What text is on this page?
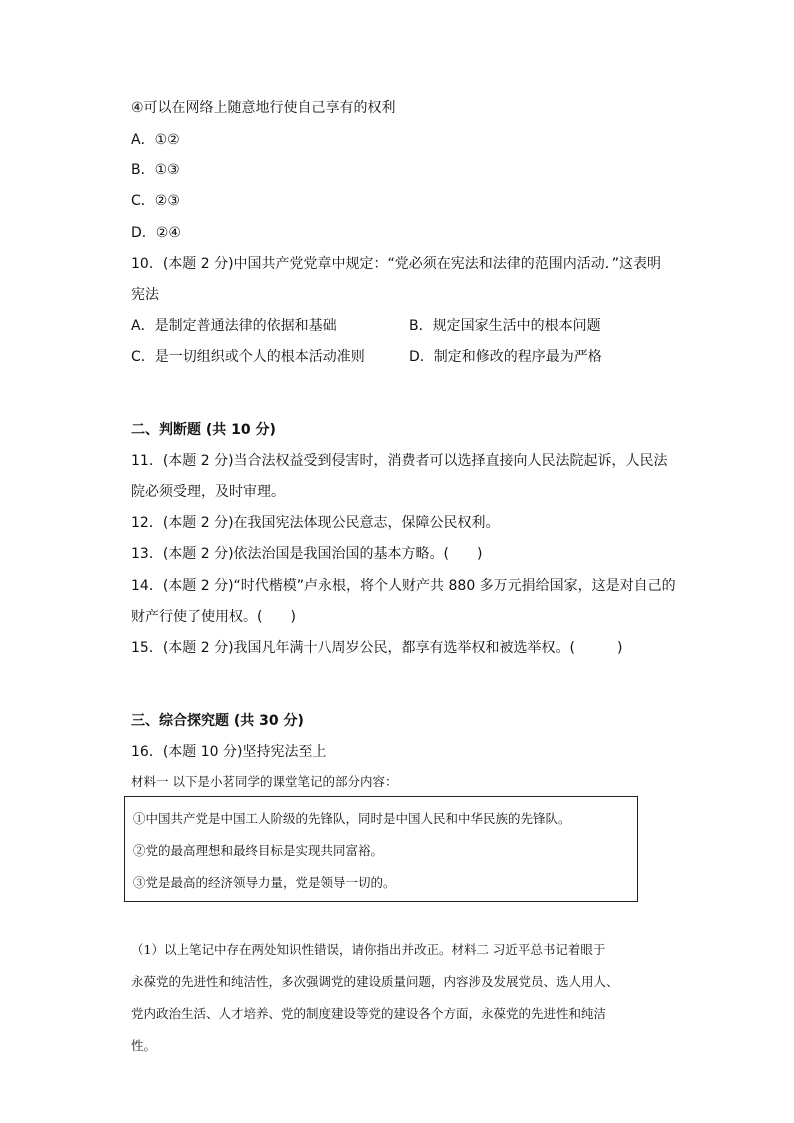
④可以在网络上随意地行使自己享有的权利
A．①②
B．①③
C．②③
D．②④
10．(本题 2 分)中国共产党党章中规定：“党必须在宪法和法律的范围内活动．”这表明
宪法
A．是制定普通法律的依据和基础	B．规定国家生活中的根本问题
C．是一切组织或个人的根本活动准则	D．制定和修改的程序最为严格
二、判断题 (共 10 分)
11．(本题 2 分)当合法权益受到侵害时，消费者可以选择直接向人民法院起诉，人民法
院必须受理，及时审理。
12．(本题 2 分)在我国宪法体现公民意志，保障公民权利。
13．(本题 2 分)依法治国是我国治国的基本方略。(　　)
14．(本题 2 分)“时代楷模”卢永根，将个人财产共 880 多万元捐给国家，这是对自己的
财产行使了使用权。(　　)
15．(本题 2 分)我国凡年满十八周岁公民，都享有选举权和被选举权。(　　　)
三、综合探究题 (共 30 分)
16．(本题 10 分)坚持宪法至上
材料一 以下是小茗同学的课堂笔记的部分内容：
①中国共产党是中国工人阶级的先锋队，同时是中国人民和中华民族的先锋队。
②党的最高理想和最终目标是实现共同富裕。
③党是最高的经济领导力量，党是领导一切的。
（1）以上笔记中存在两处知识性错误，请你指出并改正。材料二 习近平总书记着眼于
永葆党的先进性和纯洁性，多次强调党的建设质量问题，内容涉及发展党员、选人用人、
党内政治生活、人才培养、党的制度建设等党的建设各个方面，永葆党的先进性和纯洁
性。
